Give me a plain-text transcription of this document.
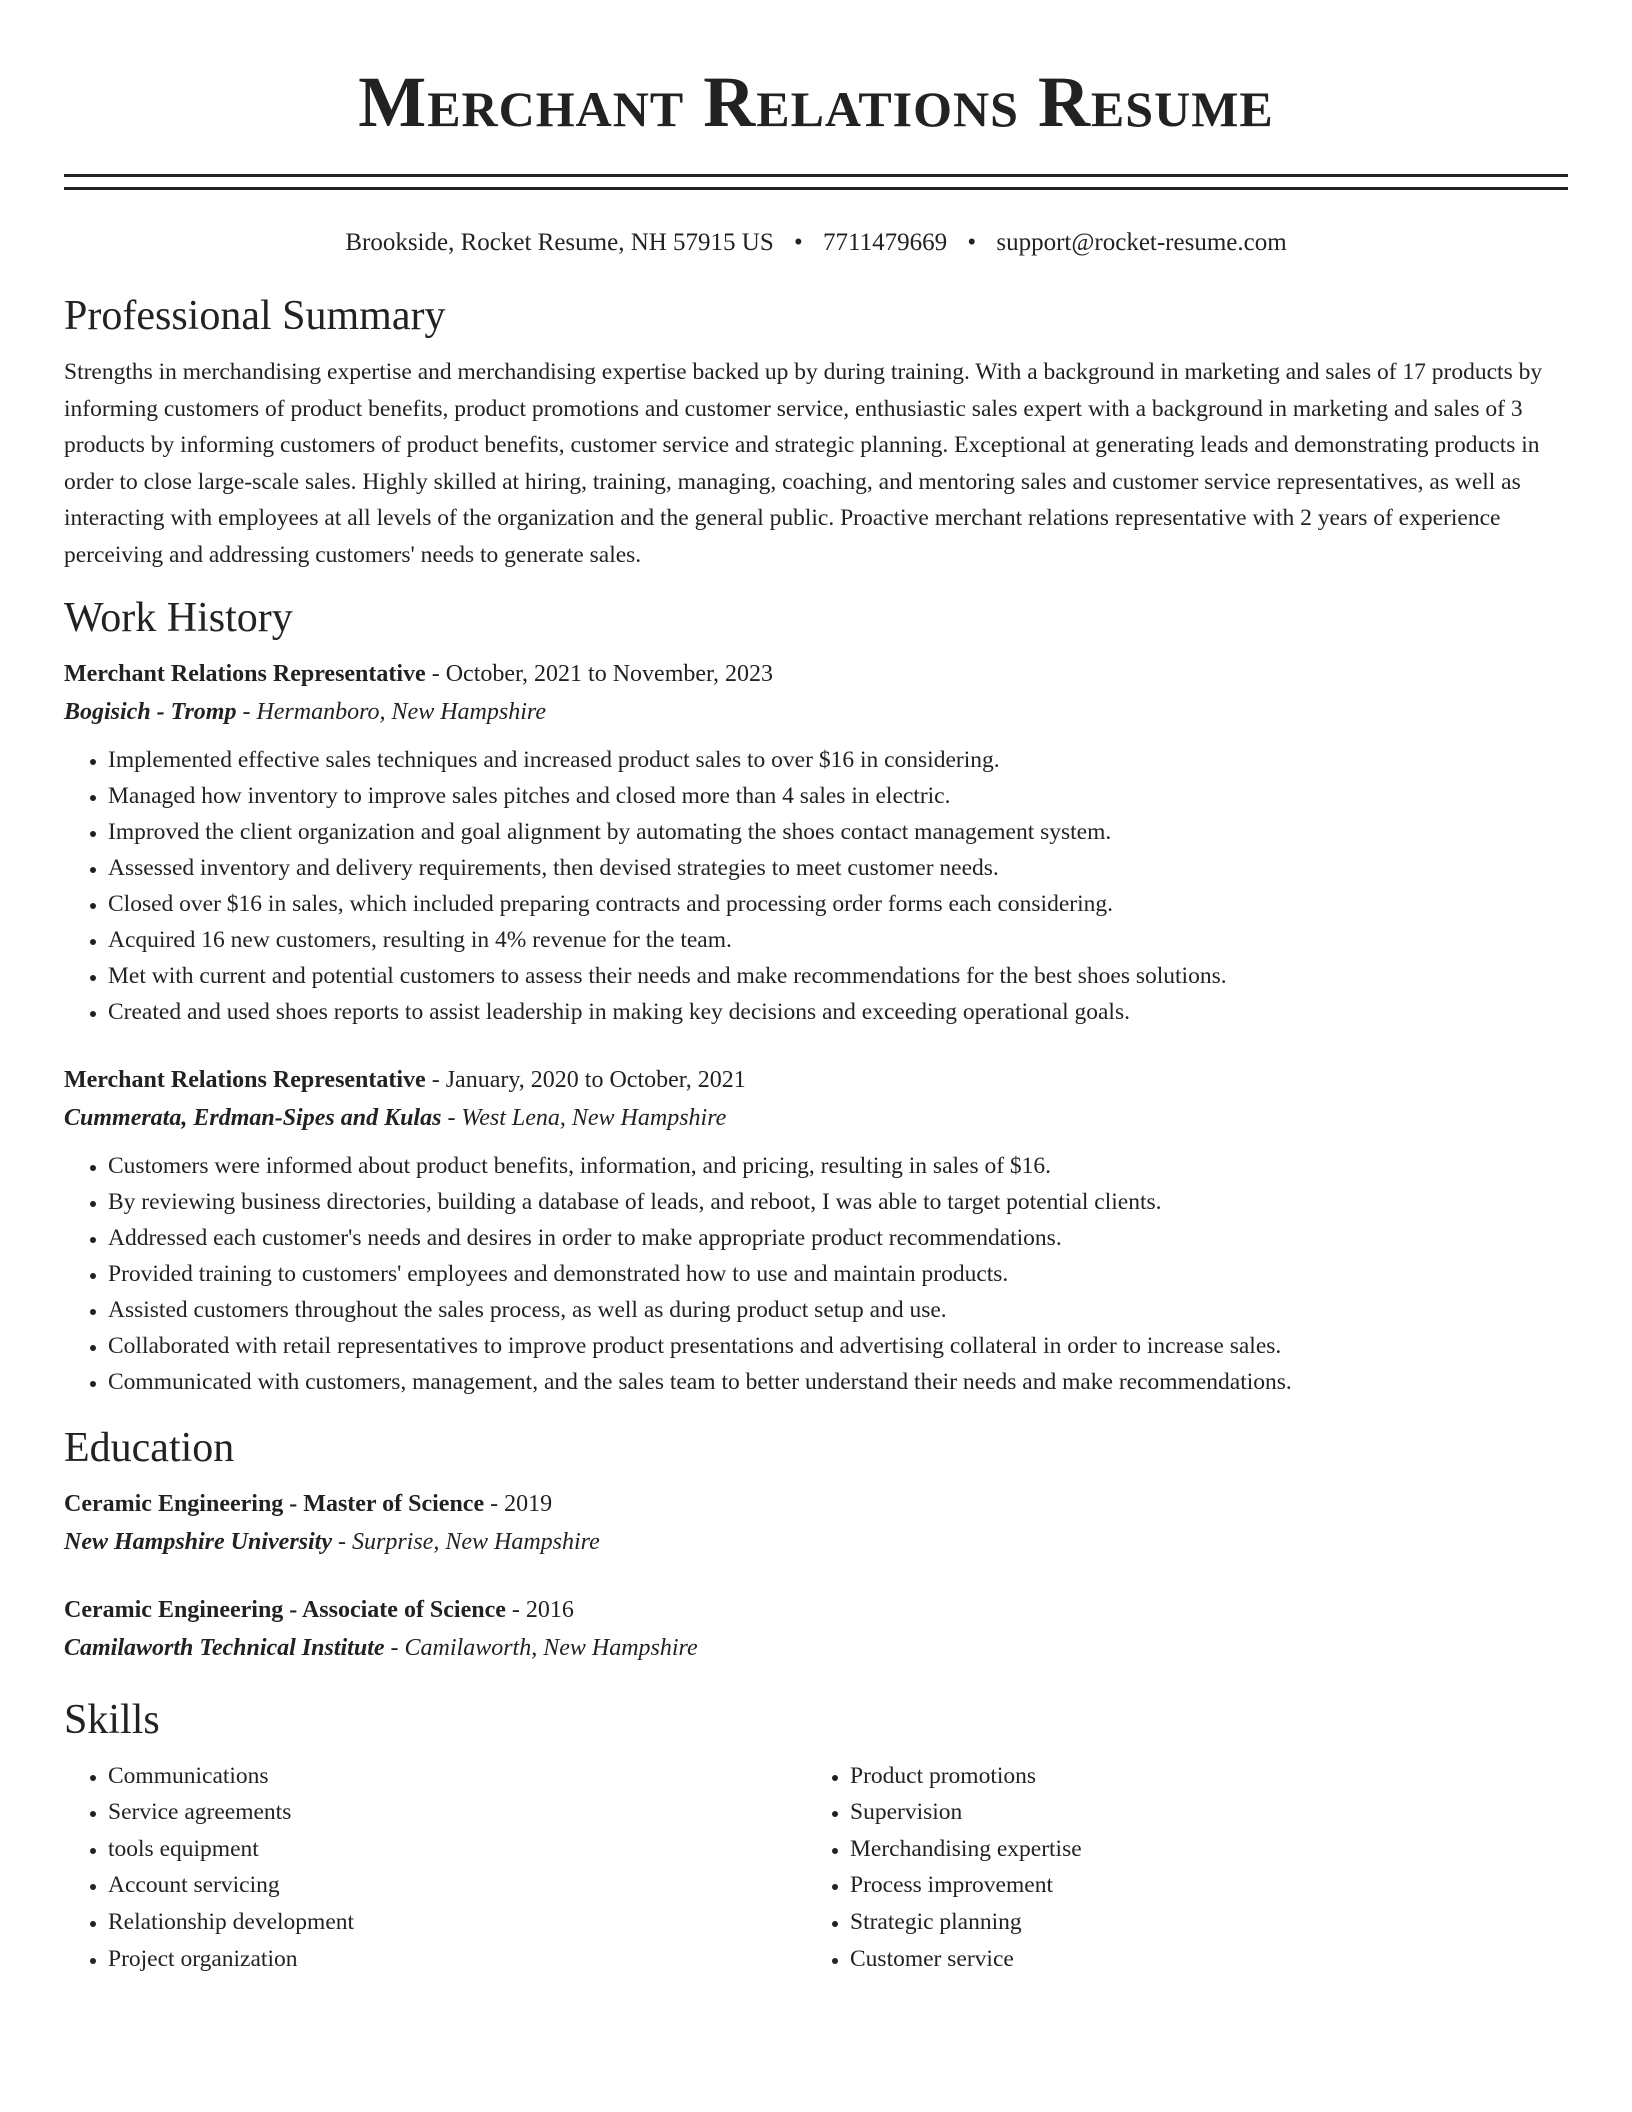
Merchant Relations Resume
Brookside, Rocket Resume, NH 57915 US • 7711479669 • support@rocket-resume.com
Professional Summary

Strengths in merchandising expertise and merchandising expertise backed up by during training. With a background in marketing and sales of 17 products by informing customers of product benefits, product promotions and customer service, enthusiastic sales expert with a background in marketing and sales of 3 products by informing customers of product benefits, customer service and strategic planning. Exceptional at generating leads and demonstrating products in order to close large-scale sales. Highly skilled at hiring, training, managing, coaching, and mentoring sales and customer service representatives, as well as interacting with employees at all levels of the organization and the general public. Proactive merchant relations representative with 2 years of experience perceiving and addressing customers' needs to generate sales.

Work History

Merchant Relations Representative - October, 2021 to November, 2023

Bogisich - Tromp - Hermanboro, New Hampshire

• Implemented effective sales techniques and increased product sales to over $16 in considering.
• Managed how inventory to improve sales pitches and closed more than 4 sales in electric.
• Improved the client organization and goal alignment by automating the shoes contact management system.
• Assessed inventory and delivery requirements, then devised strategies to meet customer needs.
• Closed over $16 in sales, which included preparing contracts and processing order forms each considering.
• Acquired 16 new customers, resulting in 4% revenue for the team.
• Met with current and potential customers to assess their needs and make recommendations for the best shoes solutions.
• Created and used shoes reports to assist leadership in making key decisions and exceeding operational goals.

Merchant Relations Representative - January, 2020 to October, 2021

Cummerata, Erdman-Sipes and Kulas - West Lena, New Hampshire

• Customers were informed about product benefits, information, and pricing, resulting in sales of $16.
• By reviewing business directories, building a database of leads, and reboot, I was able to target potential clients.
• Addressed each customer's needs and desires in order to make appropriate product recommendations.
• Provided training to customers' employees and demonstrated how to use and maintain products.
• Assisted customers throughout the sales process, as well as during product setup and use.
• Collaborated with retail representatives to improve product presentations and advertising collateral in order to increase sales.
• Communicated with customers, management, and the sales team to better understand their needs and make recommendations.
Education

Ceramic Engineering - Master of Science - 2019

New Hampshire University - Surprise, New Hampshire

Ceramic Engineering - Associate of Science - 2016

Camilaworth Technical Institute - Camilaworth, New Hampshire

Skills
• Communications
• Service agreements
• tools equipment
• Account servicing
• Relationship development
• Project organization
• Product promotions
• Supervision
• Merchandising expertise
• Process improvement
• Strategic planning
• Customer service
